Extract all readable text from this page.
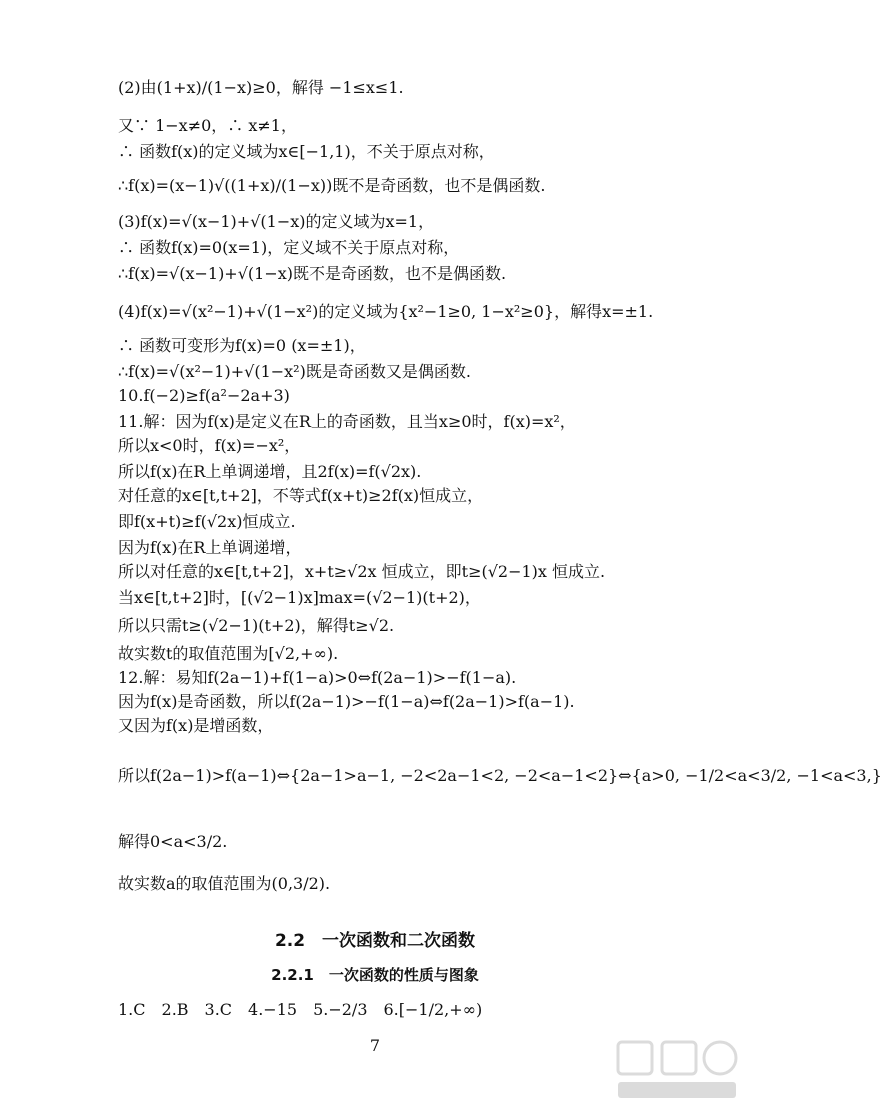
(2)由(1+x)/(1−x)≥0，解得 −1≤x≤1.
又∵ 1−x≠0，∴ x≠1，
∴ 函数f(x)的定义域为x∈[−1,1)，不关于原点对称，
∴f(x)=(x−1)√((1+x)/(1−x))既不是奇函数，也不是偶函数.
(3)f(x)=√(x−1)+√(1−x)的定义域为x=1，
∴ 函数f(x)=0(x=1)，定义域不关于原点对称，
∴f(x)=√(x−1)+√(1−x)既不是奇函数，也不是偶函数.
(4)f(x)=√(x²−1)+√(1−x²)的定义域为{x²−1≥0, 1−x²≥0}，解得x=±1.
∴ 函数可变形为f(x)=0 (x=±1)，
∴f(x)=√(x²−1)+√(1−x²)既是奇函数又是偶函数.
10.f(−2)≥f(a²−2a+3)
11.解：因为f(x)是定义在R上的奇函数，且当x≥0时，f(x)=x²，
所以x<0时，f(x)=−x²，
所以f(x)在R上单调递增，且2f(x)=f(√2x).
对任意的x∈[t,t+2]，不等式f(x+t)≥2f(x)恒成立，
即f(x+t)≥f(√2x)恒成立.
因为f(x)在R上单调递增，
所以对任意的x∈[t,t+2]，x+t≥√2x 恒成立，即t≥(√2−1)x 恒成立.
当x∈[t,t+2]时，[(√2−1)x]max=(√2−1)(t+2)，
所以只需t≥(√2−1)(t+2)，解得t≥√2.
故实数t的取值范围为[√2,+∞).
12.解：易知f(2a−1)+f(1−a)>0⇔f(2a−1)>−f(1−a).
因为f(x)是奇函数，所以f(2a−1)>−f(1−a)⇔f(2a−1)>f(a−1).
又因为f(x)是增函数，
所以f(2a−1)>f(a−1)⇔{2a−1>a−1, −2<2a−1<2, −2<a−1<2}⇔{a>0, −1/2<a<3/2, −1<a<3,}
解得0<a<3/2.
故实数a的取值范围为(0,3/2).
2.2　一次函数和二次函数
2.2.1　一次函数的性质与图象
1.C　2.B　3.C　4.−15　5.−2/3　6.[−1/2,+∞)
7
